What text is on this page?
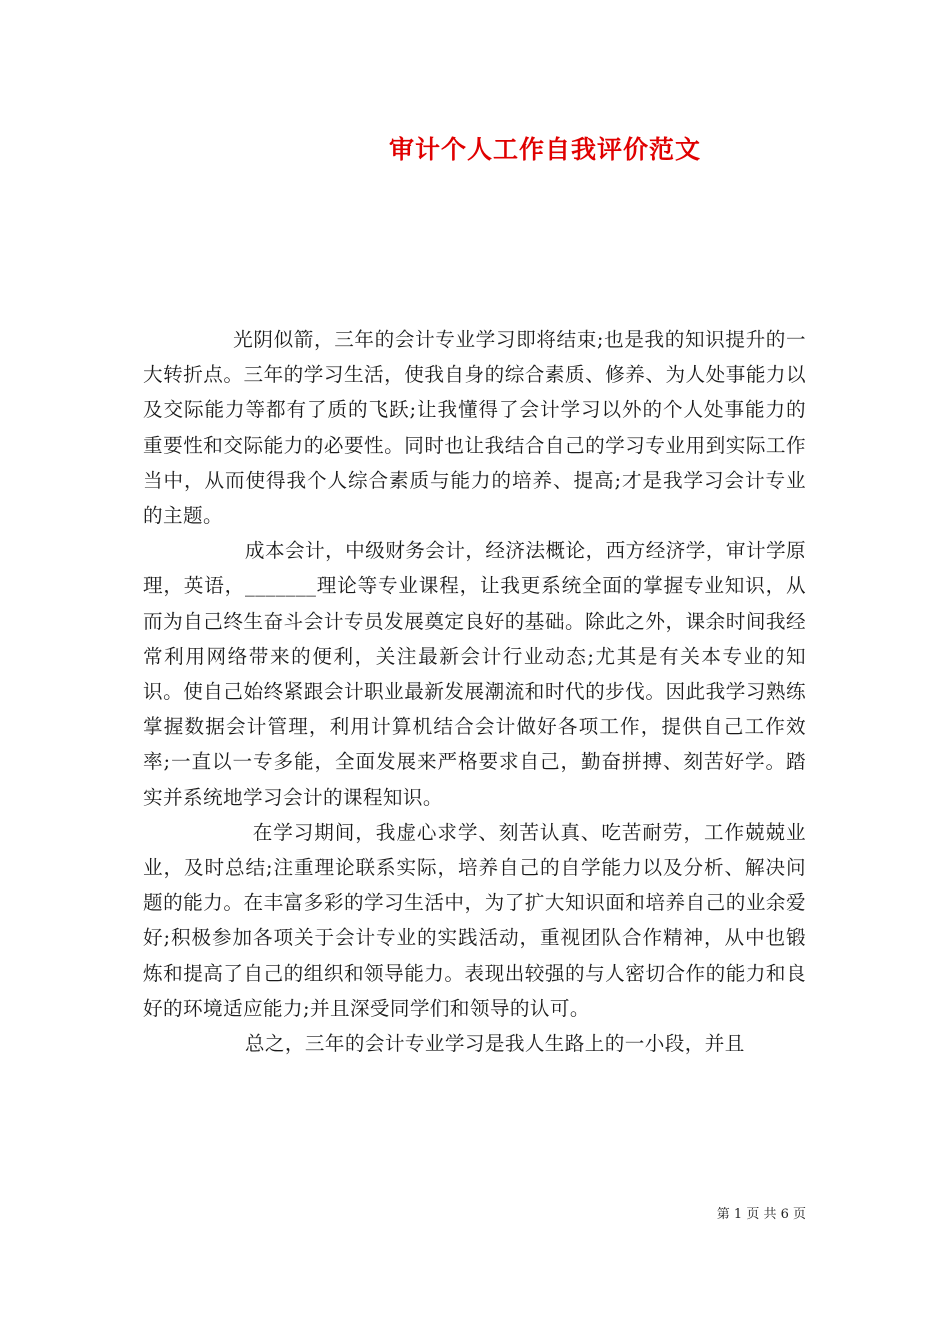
审计个人工作自我评价范文

光阴似箭，三年的会计专业学习即将结束;也是我的知识提升的一大转折点。三年的学习生活，使我自身的综合素质、修养、为人处事能力以及交际能力等都有了质的飞跃;让我懂得了会计学习以外的个人处事能力的重要性和交际能力的必要性。同时也让我结合自己的学习专业用到实际工作当中，从而使得我个人综合素质与能力的培养、提高;才是我学习会计专业的主题。

成本会计，中级财务会计，经济法概论，西方经济学，审计学原理，英语，_______理论等专业课程，让我更系统全面的掌握专业知识，从而为自己终生奋斗会计专员发展奠定良好的基础。除此之外，课余时间我经常利用网络带来的便利，关注最新会计行业动态;尤其是有关本专业的知识。使自己始终紧跟会计职业最新发展潮流和时代的步伐。因此我学习熟练掌握数据会计管理，利用计算机结合会计做好各项工作，提供自己工作效率;一直以一专多能，全面发展来严格要求自己，勤奋拼搏、刻苦好学。踏实并系统地学习会计的课程知识。

在学习期间，我虚心求学、刻苦认真、吃苦耐劳，工作兢兢业业，及时总结;注重理论联系实际，培养自己的自学能力以及分析、解决问题的能力。在丰富多彩的学习生活中，为了扩大知识面和培养自己的业余爱好;积极参加各项关于会计专业的实践活动，重视团队合作精神，从中也锻炼和提高了自己的组织和领导能力。表现出较强的与人密切合作的能力和良好的环境适应能力;并且深受同学们和领导的认可。

总之，三年的会计专业学习是我人生路上的一小段，并且

第 1 页 共 6 页
